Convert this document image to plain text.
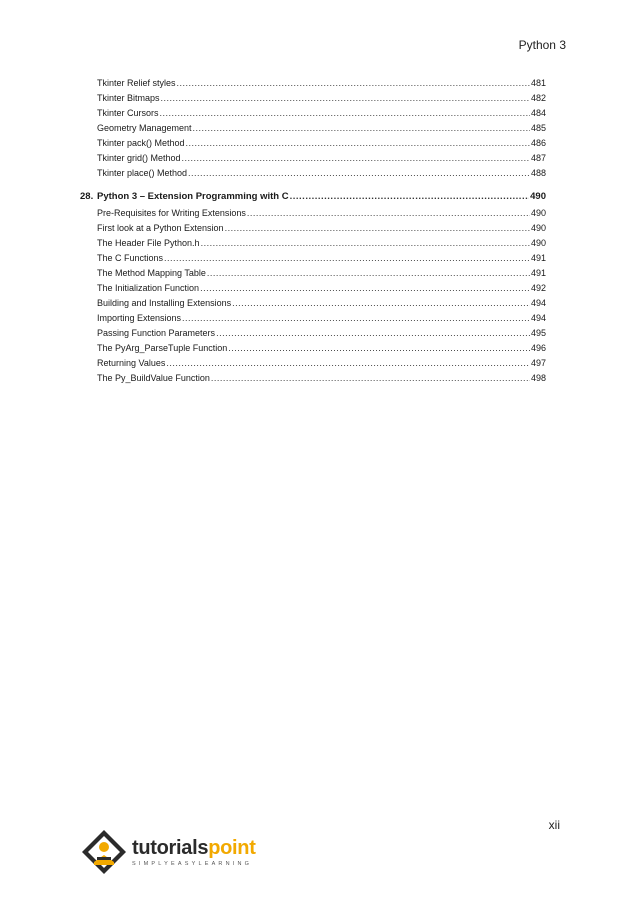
Python 3
Tkinter Relief styles .....	481
Tkinter Bitmaps .....	482
Tkinter Cursors .....	484
Geometry Management .....	485
Tkinter pack() Method .....	486
Tkinter grid() Method .....	487
Tkinter place() Method .....	488
28. Python 3 – Extension Programming with C .....	490
Pre-Requisites for Writing Extensions .....	490
First look at a Python Extension .....	490
The Header File Python.h .....	490
The C Functions .....	491
The Method Mapping Table .....	491
The Initialization Function .....	492
Building and Installing Extensions .....	494
Importing Extensions .....	494
Passing Function Parameters .....	495
The PyArg_ParseTuple Function .....	496
Returning Values .....	497
The Py_BuildValue Function .....	498
xii
tutorialspoint
SIMPLYEASYLEARNING
